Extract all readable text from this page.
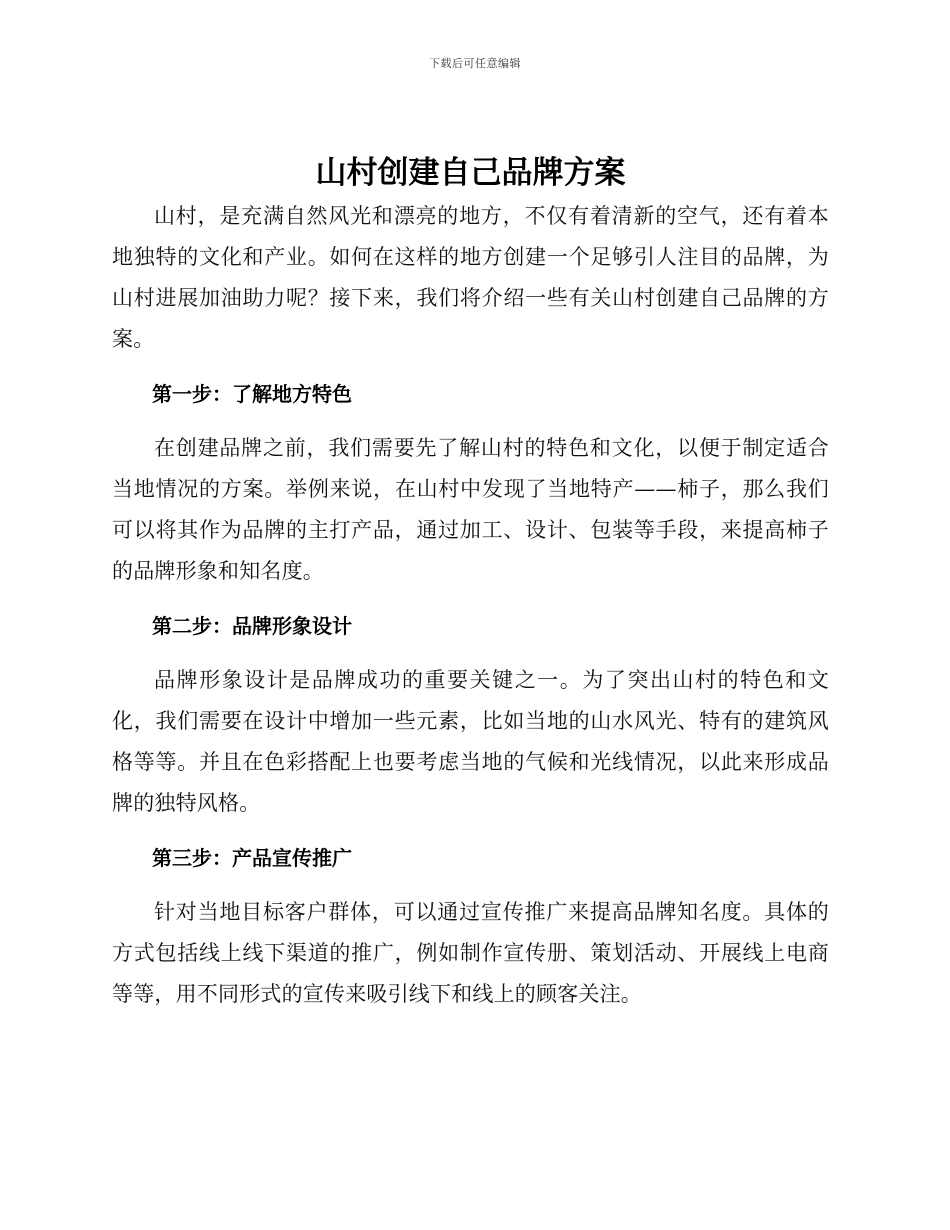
下载后可任意编辑
山村创建自己品牌方案

山村，是充满自然风光和漂亮的地方，不仅有着清新的空气，还有着本地独特的文化和产业。如何在这样的地方创建一个足够引人注目的品牌，为山村进展加油助力呢？接下来，我们将介绍一些有关山村创建自己品牌的方案。

第一步：了解地方特色

在创建品牌之前，我们需要先了解山村的特色和文化，以便于制定适合当地情况的方案。举例来说，在山村中发现了当地特产——柿子，那么我们可以将其作为品牌的主打产品，通过加工、设计、包装等手段，来提高柿子的品牌形象和知名度。

第二步：品牌形象设计

品牌形象设计是品牌成功的重要关键之一。为了突出山村的特色和文化，我们需要在设计中增加一些元素，比如当地的山水风光、特有的建筑风格等等。并且在色彩搭配上也要考虑当地的气候和光线情况，以此来形成品牌的独特风格。

第三步：产品宣传推广

针对当地目标客户群体，可以通过宣传推广来提高品牌知名度。具体的方式包括线上线下渠道的推广，例如制作宣传册、策划活动、开展线上电商等等，用不同形式的宣传来吸引线下和线上的顾客关注。
